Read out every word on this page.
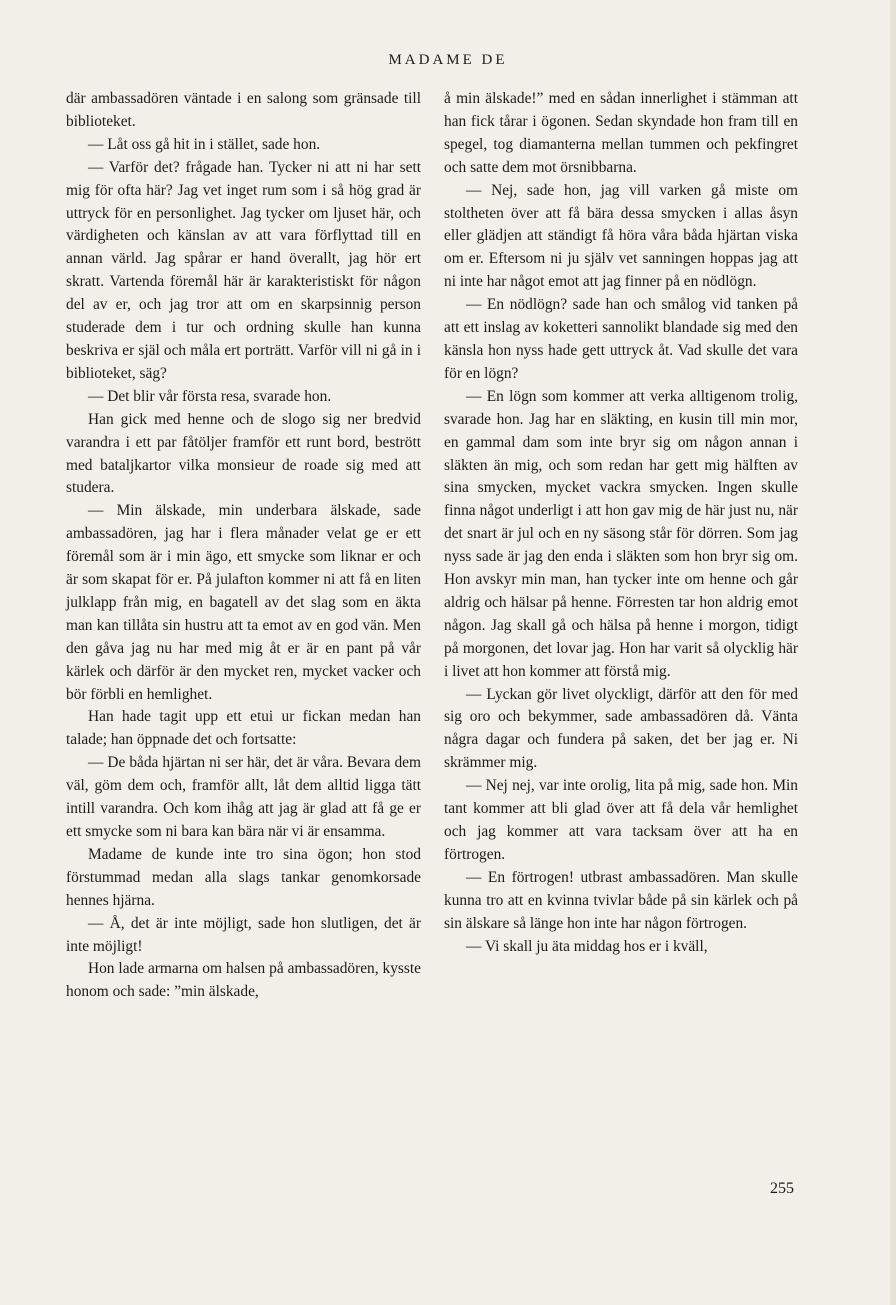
MADAME DE

där ambassadören väntade i en salong som gränsade till biblioteket.

— Låt oss gå hit in i stället, sade hon.

— Varför det? frågade han. Tycker ni att ni har sett mig för ofta här? Jag vet inget rum som i så hög grad är uttryck för en personlighet. Jag tycker om ljuset här, och värdigheten och känslan av att vara förflyttad till en annan värld. Jag spårar er hand överallt, jag hör ert skratt. Vartenda föremål här är karakteristiskt för någon del av er, och jag tror att om en skarpsinnig person studerade dem i tur och ordning skulle han kunna beskriva er själ och måla ert porträtt. Varför vill ni gå in i biblioteket, säg?

— Det blir vår första resa, svarade hon.

Han gick med henne och de slogo sig ner bredvid varandra i ett par fåtöljer framför ett runt bord, bestrött med bataljkartor vilka monsieur de roade sig med att studera.

— Min älskade, min underbara älskade, sade ambassadören, jag har i flera månader velat ge er ett föremål som är i min ägo, ett smycke som liknar er och är som skapat för er. På julafton kommer ni att få en liten julklapp från mig, en bagatell av det slag som en äkta man kan tillåta sin hustru att ta emot av en god vän. Men den gåva jag nu har med mig åt er är en pant på vår kärlek och därför är den mycket ren, mycket vacker och bör förbli en hemlighet.

Han hade tagit upp ett etui ur fickan medan han talade; han öppnade det och fortsatte:

— De båda hjärtan ni ser här, det är våra. Bevara dem väl, göm dem och, framför allt, låt dem alltid ligga tätt intill varandra. Och kom ihåg att jag är glad att få ge er ett smycke som ni bara kan bära när vi är ensamma.

Madame de kunde inte tro sina ögon; hon stod förstummad medan alla slags tankar genomkorsade hennes hjärna.

— Å, det är inte möjligt, sade hon slutligen, det är inte möjligt!

Hon lade armarna om halsen på ambassadören, kysste honom och sade: ”min älskade,

å min älskade!” med en sådan innerlighet i stämman att han fick tårar i ögonen. Sedan skyndade hon fram till en spegel, tog diamanterna mellan tummen och pekfingret och satte dem mot örsnibbarna.

— Nej, sade hon, jag vill varken gå miste om stoltheten över att få bära dessa smycken i allas åsyn eller glädjen att ständigt få höra våra båda hjärtan viska om er. Eftersom ni ju själv vet sanningen hoppas jag att ni inte har något emot att jag finner på en nödlögn.

— En nödlögn? sade han och smålog vid tanken på att ett inslag av koketteri sannolikt blandade sig med den känsla hon nyss hade gett uttryck åt. Vad skulle det vara för en lögn?

— En lögn som kommer att verka alltigenom trolig, svarade hon. Jag har en släkting, en kusin till min mor, en gammal dam som inte bryr sig om någon annan i släkten än mig, och som redan har gett mig hälften av sina smycken, mycket vackra smycken. Ingen skulle finna något underligt i att hon gav mig de här just nu, när det snart är jul och en ny säsong står för dörren. Som jag nyss sade är jag den enda i släkten som hon bryr sig om. Hon avskyr min man, han tycker inte om henne och går aldrig och hälsar på henne. Förresten tar hon aldrig emot någon. Jag skall gå och hälsa på henne i morgon, tidigt på morgonen, det lovar jag. Hon har varit så olycklig här i livet att hon kommer att förstå mig.

— Lyckan gör livet olyckligt, därför att den för med sig oro och bekymmer, sade ambassadören då. Vänta några dagar och fundera på saken, det ber jag er. Ni skrämmer mig.

— Nej nej, var inte orolig, lita på mig, sade hon. Min tant kommer att bli glad över att få dela vår hemlighet och jag kommer att vara tacksam över att ha en förtrogen.

— En förtrogen! utbrast ambassadören. Man skulle kunna tro att en kvinna tvivlar både på sin kärlek och på sin älskare så länge hon inte har någon förtrogen.

— Vi skall ju äta middag hos er i kväll,

255
